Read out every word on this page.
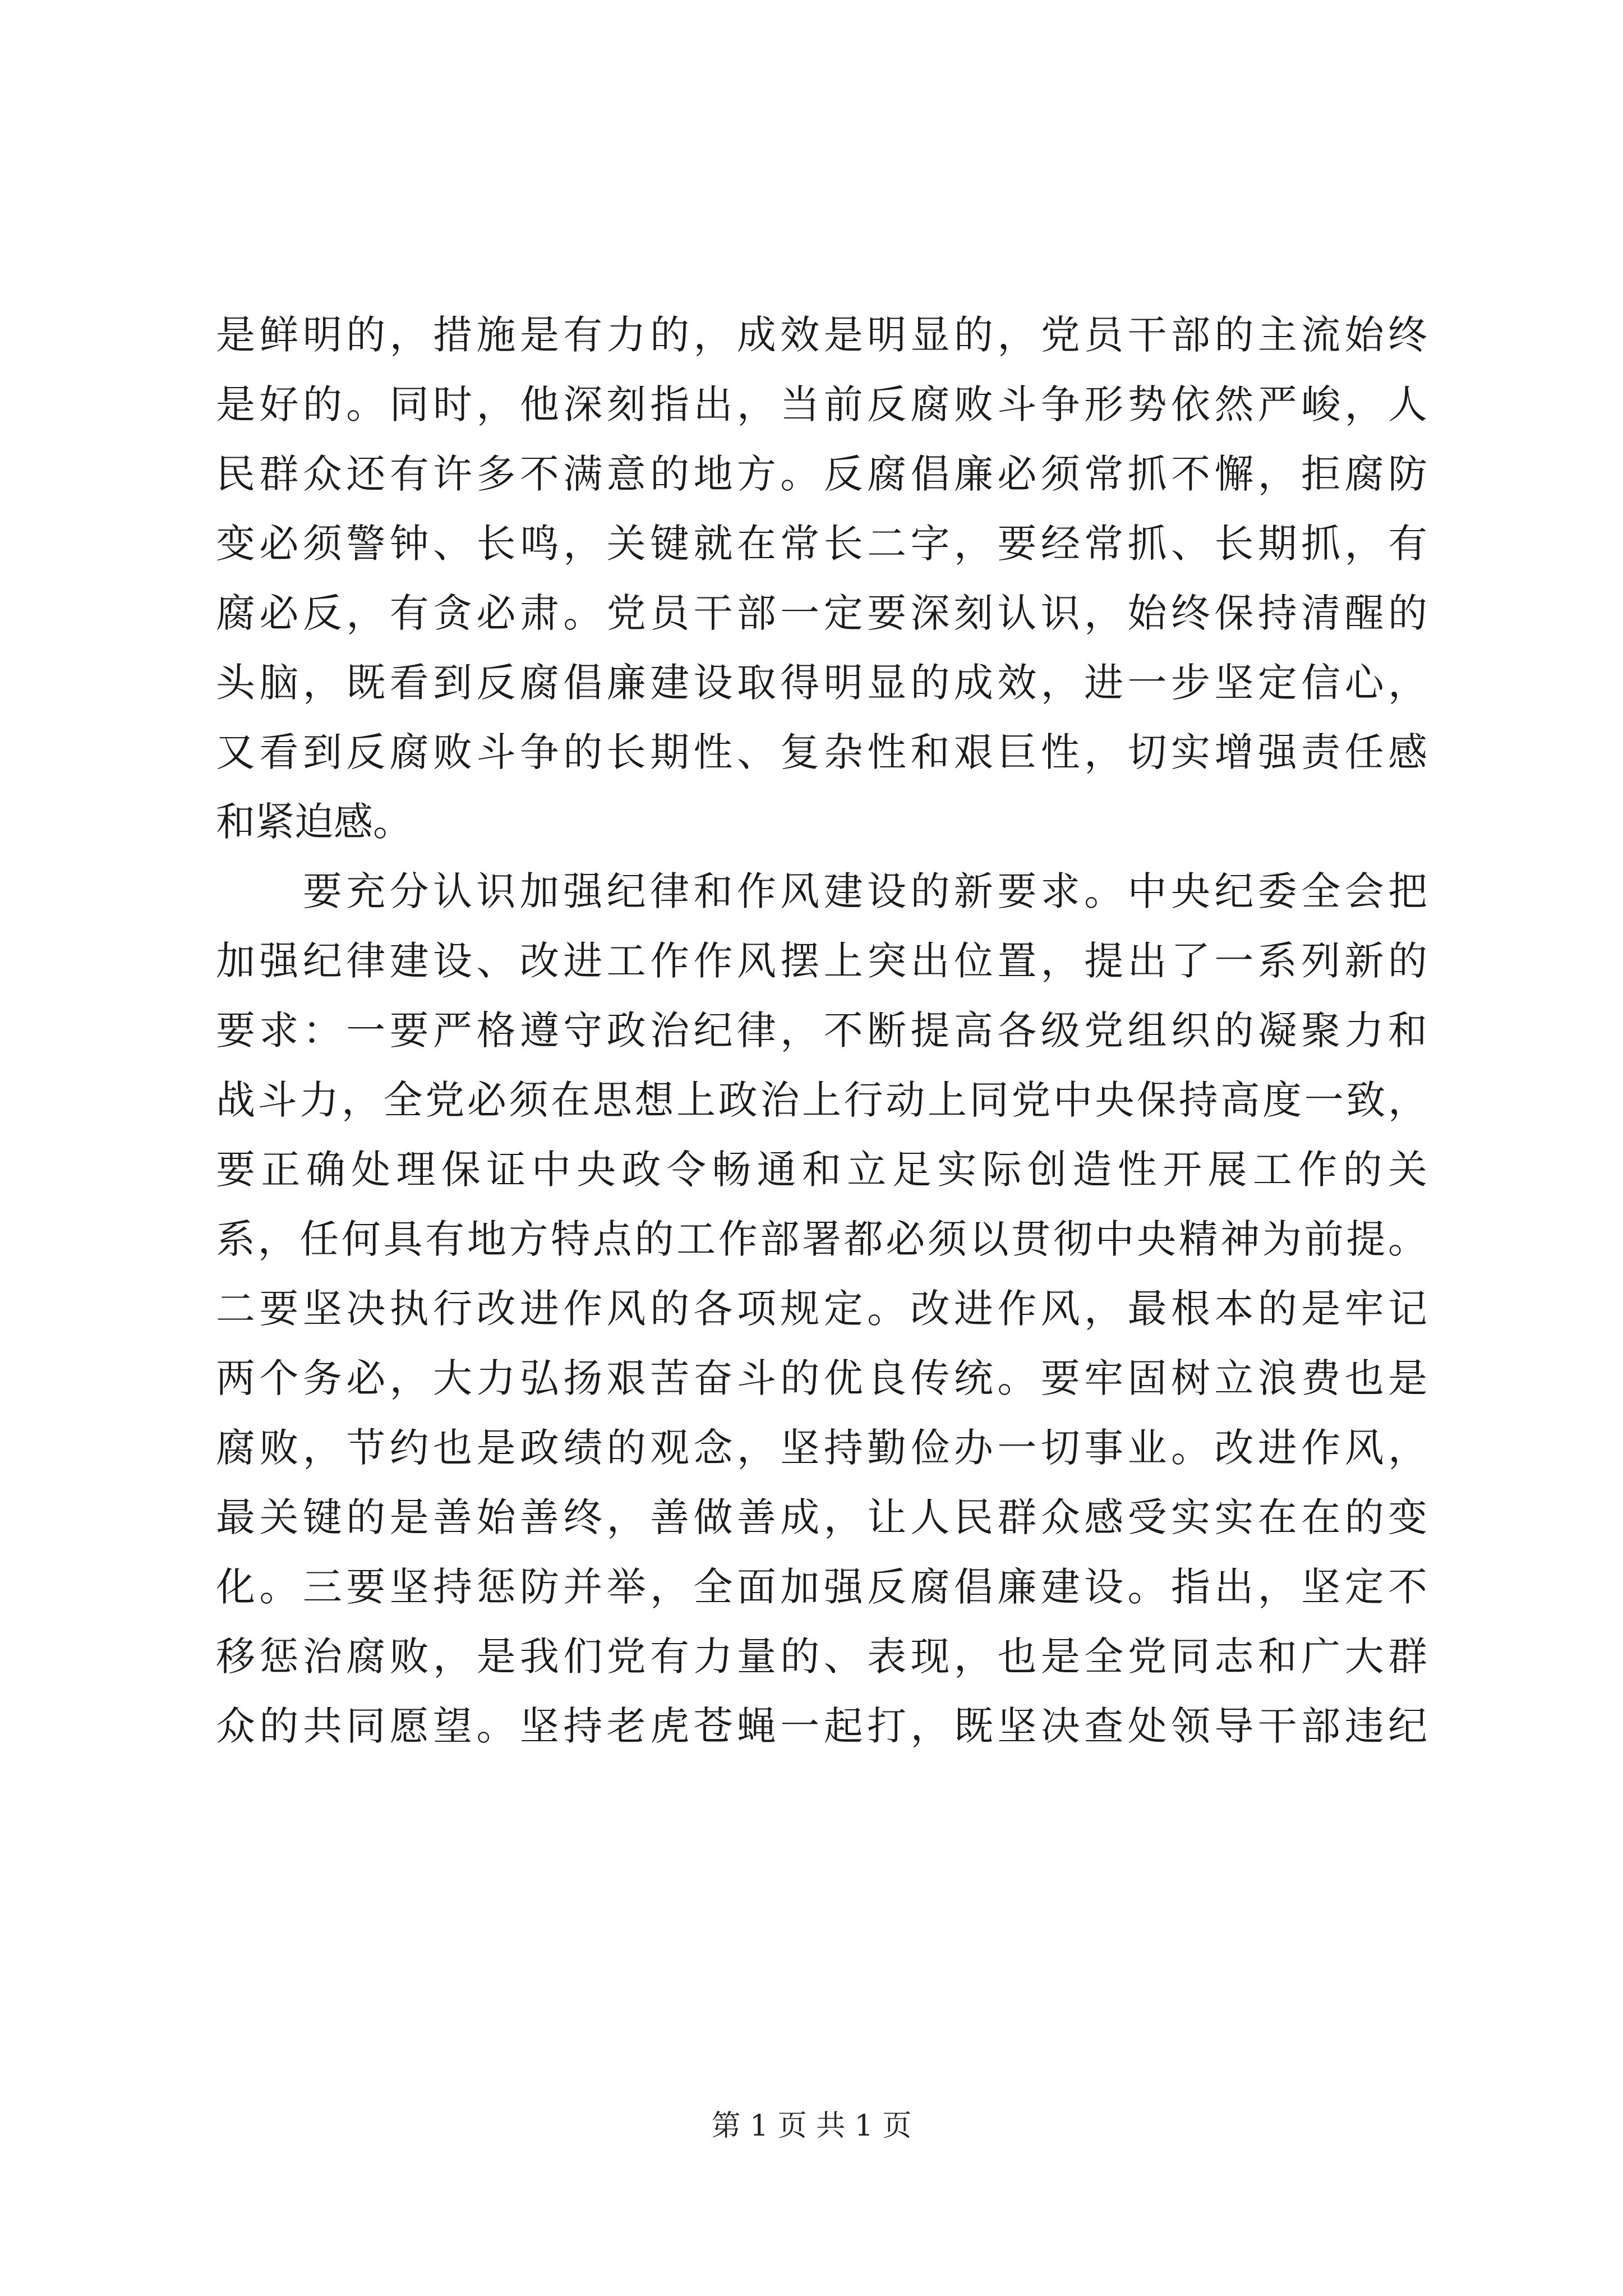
是鲜明的，措施是有力的，成效是明显的，党员干部的主流始终
是好的。同时，他深刻指出，当前反腐败斗争形势依然严峻，人
民群众还有许多不满意的地方。反腐倡廉必须常抓不懈，拒腐防
变必须警钟、长鸣，关键就在常长二字，要经常抓、长期抓，有
腐必反，有贪必肃。党员干部一定要深刻认识，始终保持清醒的
头脑，既看到反腐倡廉建设取得明显的成效，进一步坚定信心，
又看到反腐败斗争的长期性、复杂性和艰巨性，切实增强责任感
和紧迫感。
　　要充分认识加强纪律和作风建设的新要求。中央纪委全会把
加强纪律建设、改进工作作风摆上突出位置，提出了一系列新的
要求：一要严格遵守政治纪律，不断提高各级党组织的凝聚力和
战斗力，全党必须在思想上政治上行动上同党中央保持高度一致，
要正确处理保证中央政令畅通和立足实际创造性开展工作的关
系，任何具有地方特点的工作部署都必须以贯彻中央精神为前提。
二要坚决执行改进作风的各项规定。改进作风，最根本的是牢记
两个务必，大力弘扬艰苦奋斗的优良传统。要牢固树立浪费也是
腐败，节约也是政绩的观念，坚持勤俭办一切事业。改进作风，
最关键的是善始善终，善做善成，让人民群众感受实实在在的变
化。三要坚持惩防并举，全面加强反腐倡廉建设。指出，坚定不
移惩治腐败，是我们党有力量的、表现，也是全党同志和广大群
众的共同愿望。坚持老虎苍蝇一起打，既坚决查处领导干部违纪
第 1 页 共 1 页
